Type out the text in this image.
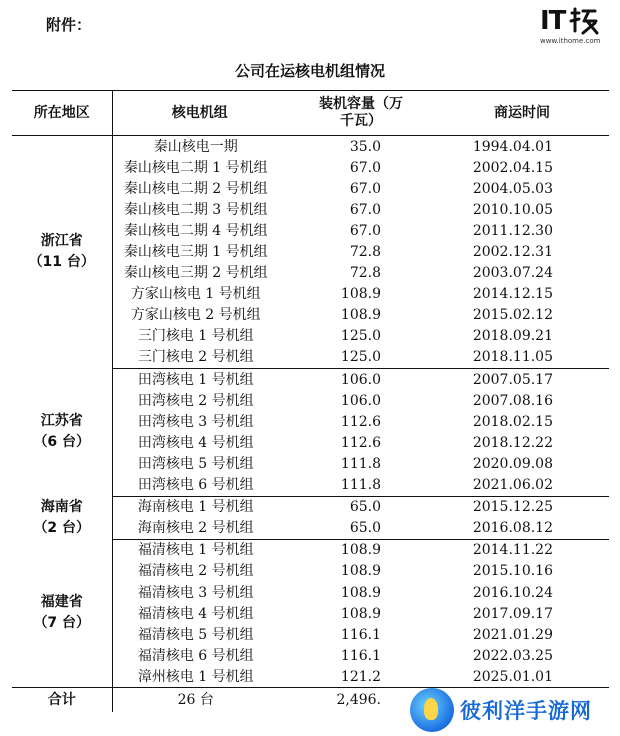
附件：	IT
www.ithome.com
公司在运核电机组情况
所在地区	核电机组	装机容量（万千瓦）	商运时间

浙江省
（11 台）	秦山核电一期	35.0	1994.04.01
	秦山核电二期 1 号机组	67.0	2002.04.15
	秦山核电二期 2 号机组	67.0	2004.05.03
	秦山核电二期 3 号机组	67.0	2010.10.05
	秦山核电二期 4 号机组	67.0	2011.12.30
	秦山核电三期 1 号机组	72.8	2002.12.31
	秦山核电三期 2 号机组	72.8	2003.07.24
	方家山核电 1 号机组	108.9	2014.12.15
	方家山核电 2 号机组	108.9	2015.02.12
	三门核电 1 号机组	125.0	2018.09.21
	三门核电 2 号机组	125.0	2018.11.05

江苏省
（6 台）	田湾核电 1 号机组	106.0	2007.05.17
	田湾核电 2 号机组	106.0	2007.08.16
	田湾核电 3 号机组	112.6	2018.02.15
	田湾核电 4 号机组	112.6	2018.12.22
	田湾核电 5 号机组	111.8	2020.09.08
	田湾核电 6 号机组	111.8	2021.06.02

海南省
（2 台）	海南核电 1 号机组	65.0	2015.12.25
	海南核电 2 号机组	65.0	2016.08.12

福建省
（7 台）	福清核电 1 号机组	108.9	2014.11.22
	福清核电 2 号机组	108.9	2015.10.16
	福清核电 3 号机组	108.9	2016.10.24
	福清核电 4 号机组	108.9	2017.09.17
	福清核电 5 号机组	116.1	2021.01.29
	福清核电 6 号机组	116.1	2022.03.25
	漳州核电 1 号机组	121.2	2025.01.01
合计	26 台	2,496.		彼利洋手游网
